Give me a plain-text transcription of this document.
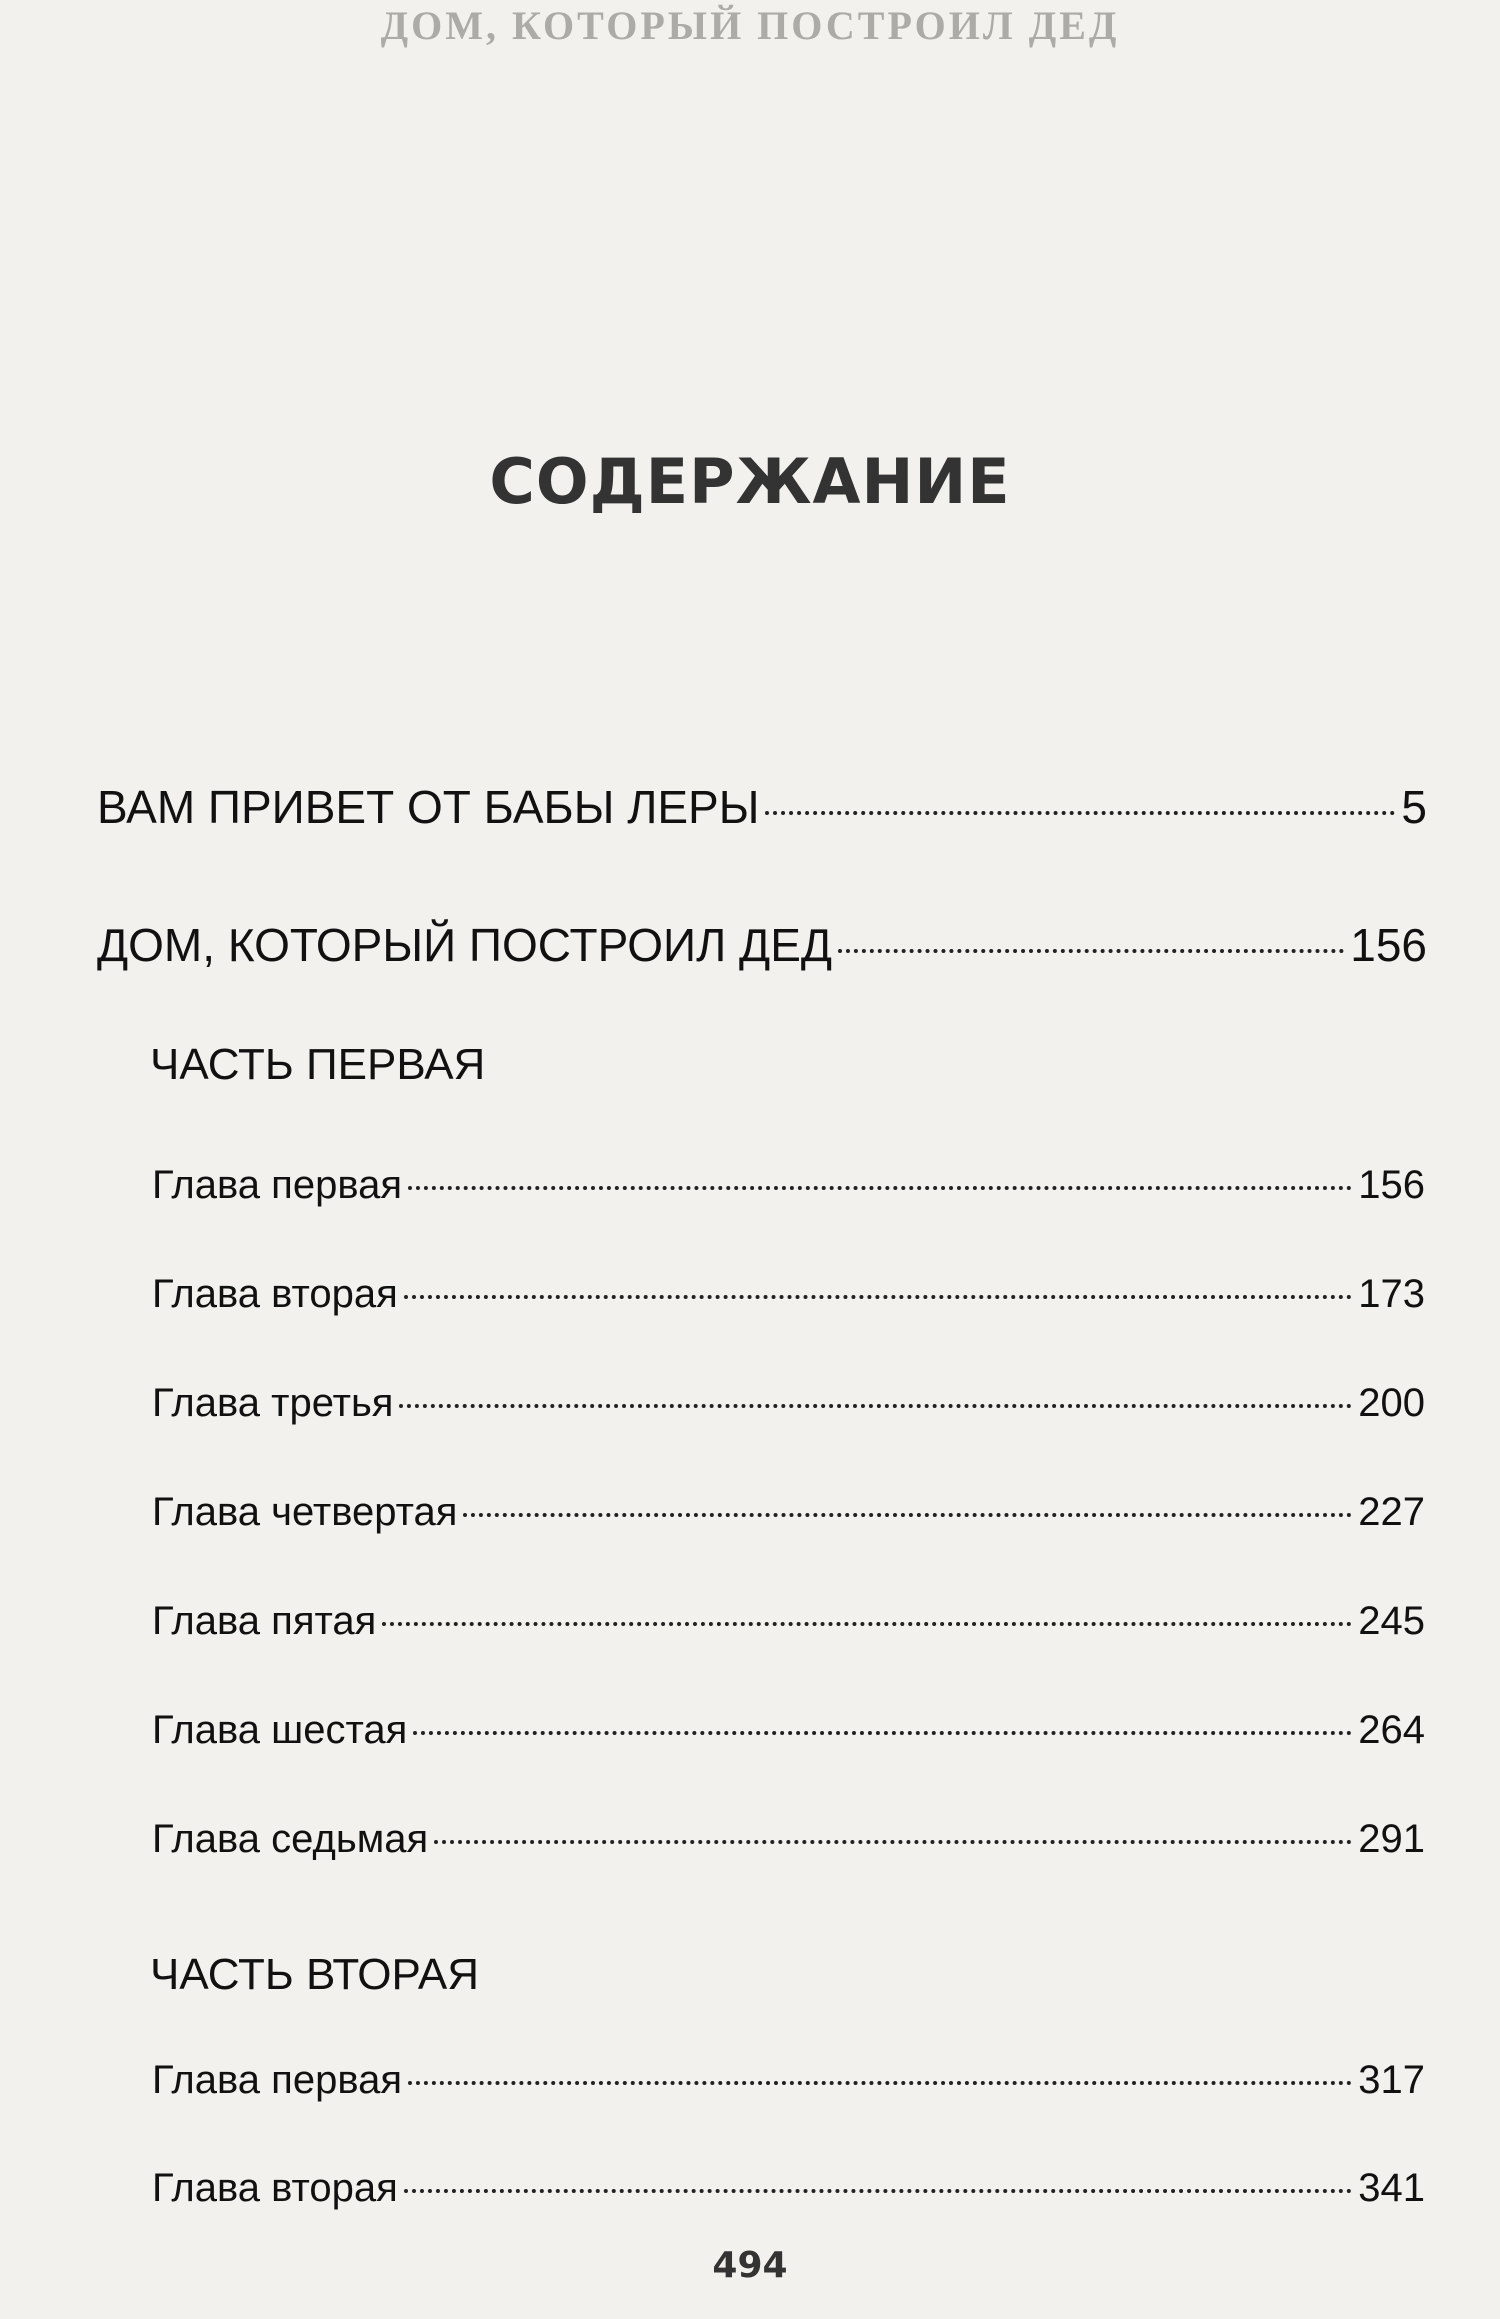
ДОМ, КОТОРЫЙ ПОСТРОИЛ ДЕД

СОДЕРЖАНИЕ
ВАМ ПРИВЕТ ОТ БАБЫ ЛЕРЫ	5
ДОМ, КОТОРЫЙ ПОСТРОИЛ ДЕД	156
ЧАСТЬ ПЕРВАЯ
Глава первая	156
Глава вторая	173
Глава третья	200
Глава четвертая	227
Глава пятая	245
Глава шестая	264
Глава седьмая	291
ЧАСТЬ ВТОРАЯ
Глава первая	317
Глава вторая	341
494
